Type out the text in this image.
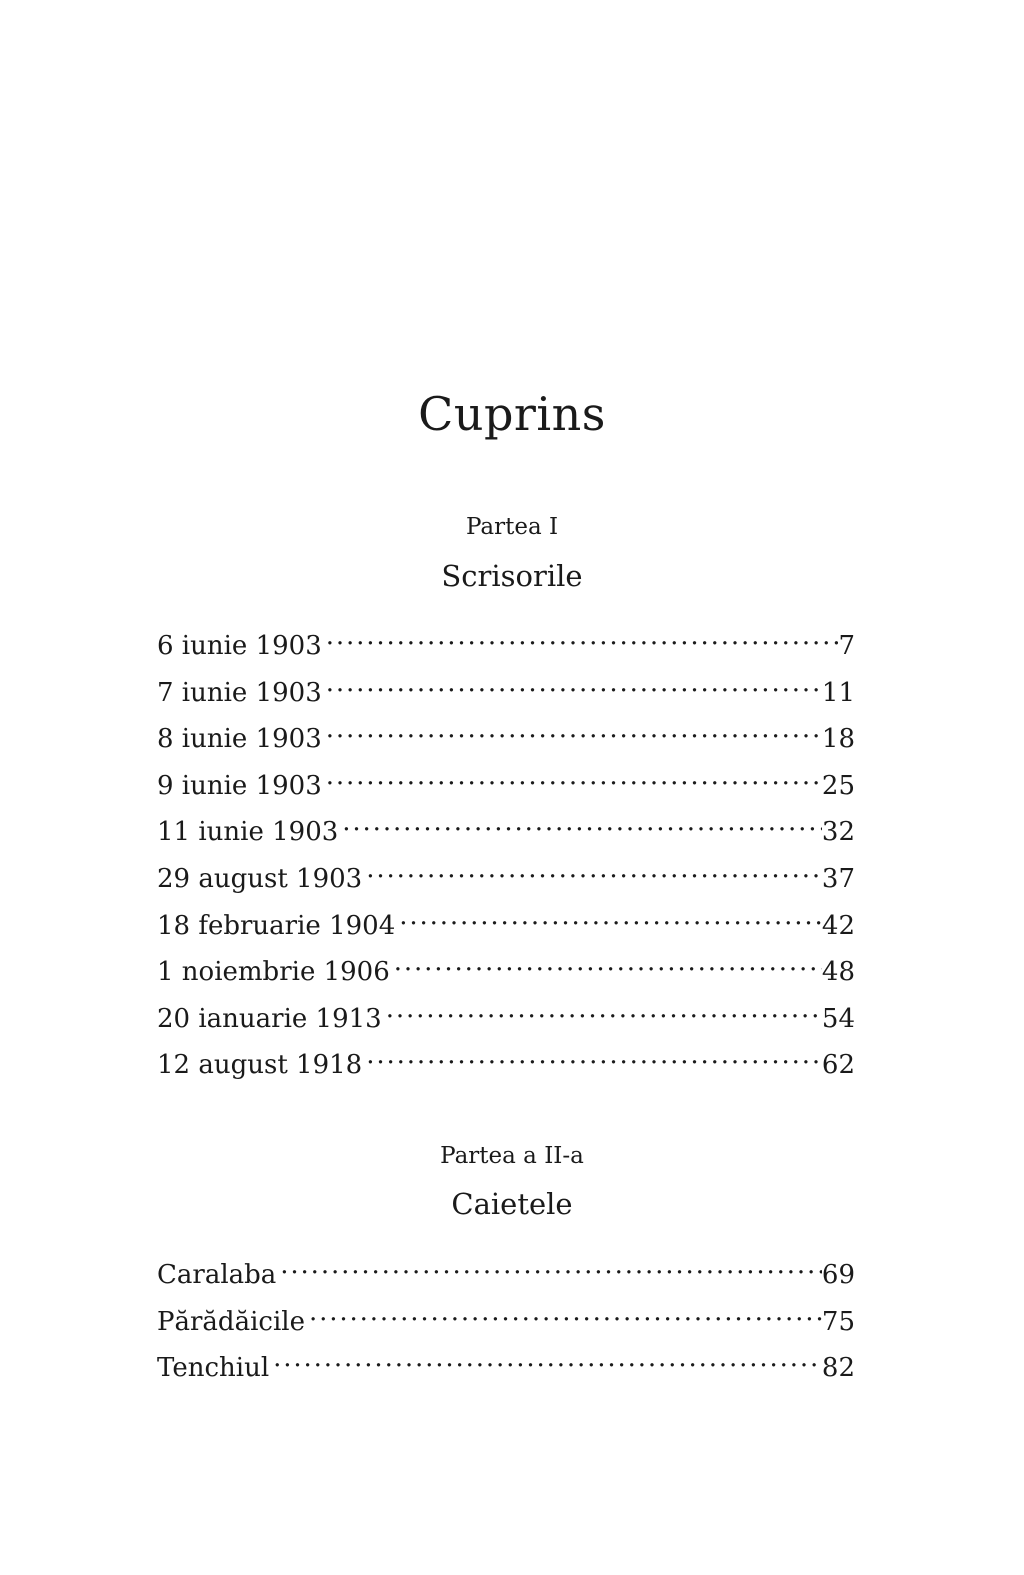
Cuprins
Partea I
Scrisorile
6 iunie 1903 . . .	7
7 iunie 1903 . . .	11
8 iunie 1903 . . .	18
9 iunie 1903 . . .	25
11 iunie 1903 . . .	32
29 august 1903 . . .	37
18 februarie 1904 . . .	42
1 noiembrie 1906 . . .	48
20 ianuarie 1913 . . .	54
12 august 1918 . . .	62
Partea a II-a
Caietele
Caralaba . . .	69
Părădăicile . . .	75
Tenchiul . . .	82
